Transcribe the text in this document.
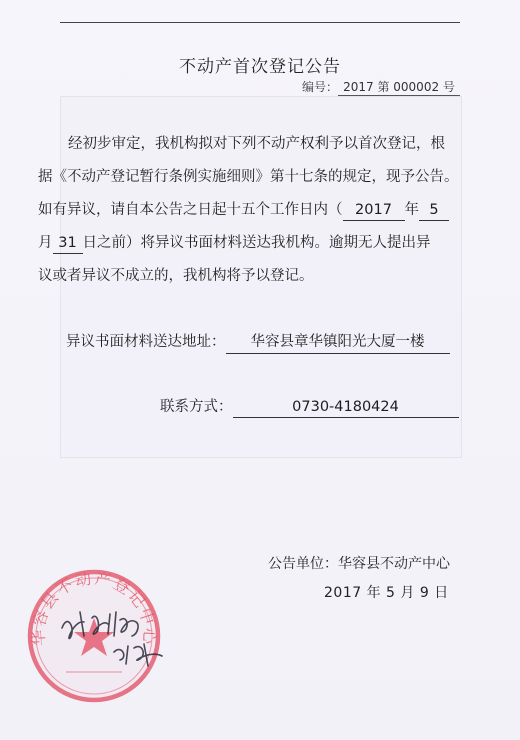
不动产首次登记公告
编号： 2017 第 000002 号

经初步审定，我机构拟对下列不动产权利予以首次登记，根

据《不动产登记暂行条例实施细则》第十七条的规定，现予公告。

如有异议，请自本公告之日起十五个工作日内（ 2017 年 5

月 31 日之前）将异议书面材料送达我机构。逾期无人提出异

议或者异议不成立的，我机构将予以登记。

异议书面材料送达地址： 华容县章华镇阳光大厦一楼
联系方式：	0730-4180424
公告单位：华容县不动产中心
2017 年 5 月 9 日
华容县不动产登记中心
